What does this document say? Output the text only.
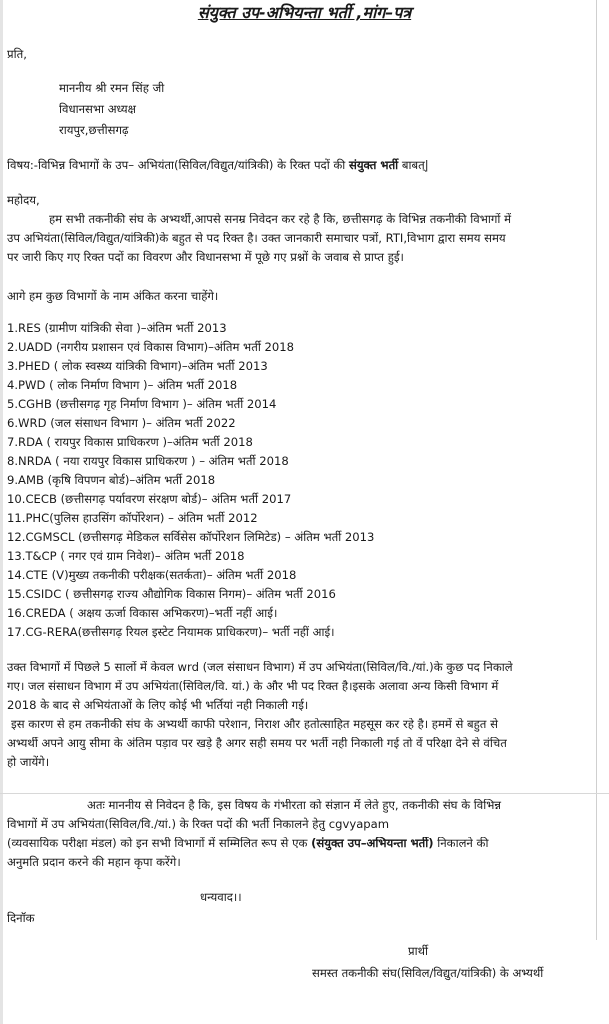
संयुक्त उप-अभियन्ता भर्ती ,मांग–पत्र
प्रति,
माननीय श्री रमन सिंह जी
विधानसभा अध्यक्ष
रायपुर,छत्तीसगढ़
विषय:-विभिन्न विभागों के उप– अभियंता(सिविल/विद्युत/यांत्रिकी) के रिक्त पदों की संयुक्त भर्ती बाबत्|
महोदय,
हम सभी तकनीकी संघ के अभ्यर्थी,आपसे सनम्र निवेदन कर रहे है कि, छत्तीसगढ़ के विभिन्न तकनीकी विभागों में
उप अभियंता(सिविल/विद्युत/यांत्रिकी)के बहुत से पद रिक्त है। उक्त जानकारी समाचार पत्रों, RTI,विभाग द्वारा समय समय
पर जारी किए गए रिक्त पदों का विवरण और विधानसभा में पूछे गए प्रश्नों के जवाब से प्राप्त हुई।
आगे हम कुछ विभागों के नाम अंकित करना चाहेंगे।
1.RES (ग्रामीण यांत्रिकी सेवा )–अंतिम भर्ती 2013
2.UADD (नगरीय प्रशासन एवं विकास विभाग)–अंतिम भर्ती 2018
3.PHED ( लोक स्वस्थ्य यांत्रिकी विभाग)–अंतिम भर्ती 2013
4.PWD ( लोक निर्माण विभाग )– अंतिम भर्ती 2018
5.CGHB (छत्तीसगढ़ गृह निर्माण विभाग )– अंतिम भर्ती 2014
6.WRD (जल संसाधन विभाग )– अंतिम भर्ती 2022
7.RDA ( रायपुर विकास प्राधिकरण )–अंतिम भर्ती 2018
8.NRDA ( नया रायपुर विकास प्राधिकरण ) – अंतिम भर्ती 2018
9.AMB (कृषि विपणन बोर्ड)–अंतिम भर्ती 2018
10.CECB (छत्तीसगढ़ पर्यावरण संरक्षण बोर्ड)– अंतिम भर्ती 2017
11.PHC(पुलिस हाउसिंग कॉर्पोरेशन) – अंतिम भर्ती 2012
12.CGMSCL (छत्तीसगढ़ मेडिकल सर्विसेस कॉर्पोरेशन लिमिटेड) – अंतिम भर्ती 2013
13.T&CP ( नगर एवं ग्राम निवेश)– अंतिम भर्ती 2018
14.CTE (V)मुख्य तकनीकी परीक्षक(सतर्कता)– अंतिम भर्ती 2018
15.CSIDC ( छत्तीसगढ़ राज्य औद्योगिक विकास निगम)– अंतिम भर्ती 2016
16.CREDA ( अक्षय ऊर्जा विकास अभिकरण)–भर्ती नहीं आई।
17.CG-RERA(छत्तीसगढ़ रियल इस्टेट नियामक प्राधिकरण)– भर्ती नहीं आई।
उक्त विभागों में पिछले 5 सालों में केवल wrd (जल संसाधन विभाग) में उप अभियंता(सिविल/वि./यां.)के कुछ पद निकाले
गए। जल संसाधन विभाग में उप अभियंता(सिविल/वि. यां.) के और भी पद रिक्त है।इसके अलावा अन्य किसी विभाग में
2018 के बाद से अभियंताओं के लिए कोई भी भर्तियां नही निकाली गई।
इस कारण से हम तकनीकी संघ के अभ्यर्थी काफी परेशान, निराश और हतोत्साहित महसूस कर रहे है। हममें से बहुत से
अभ्यर्थी अपने आयु सीमा के अंतिम पड़ाव पर खड़े है अगर सही समय पर भर्ती नही निकाली गई तो वें परिक्षा देने से वंचित
हो जायेंगे।
अतः माननीय से निवेदन है कि, इस विषय के गंभीरता को संज्ञान में लेते हुए, तकनीकी संघ के विभिन्न
विभागों में उप अभियंता(सिविल/वि./यां.) के रिक्त पदों की भर्ती निकालने हेतु cgvyapam
(व्यवसायिक परीक्षा मंडल) को इन सभी विभागों में सम्मिलित रूप से एक (संयुक्त उप–अभियन्ता भर्ती) निकालने की
अनुमति प्रदान करने की महान कृपा करेंगे।
धन्यवाद।।
दिनॉक
प्रार्थी
समस्त तकनीकी संघ(सिविल/विद्युत/यांत्रिकी) के अभ्यर्थी
